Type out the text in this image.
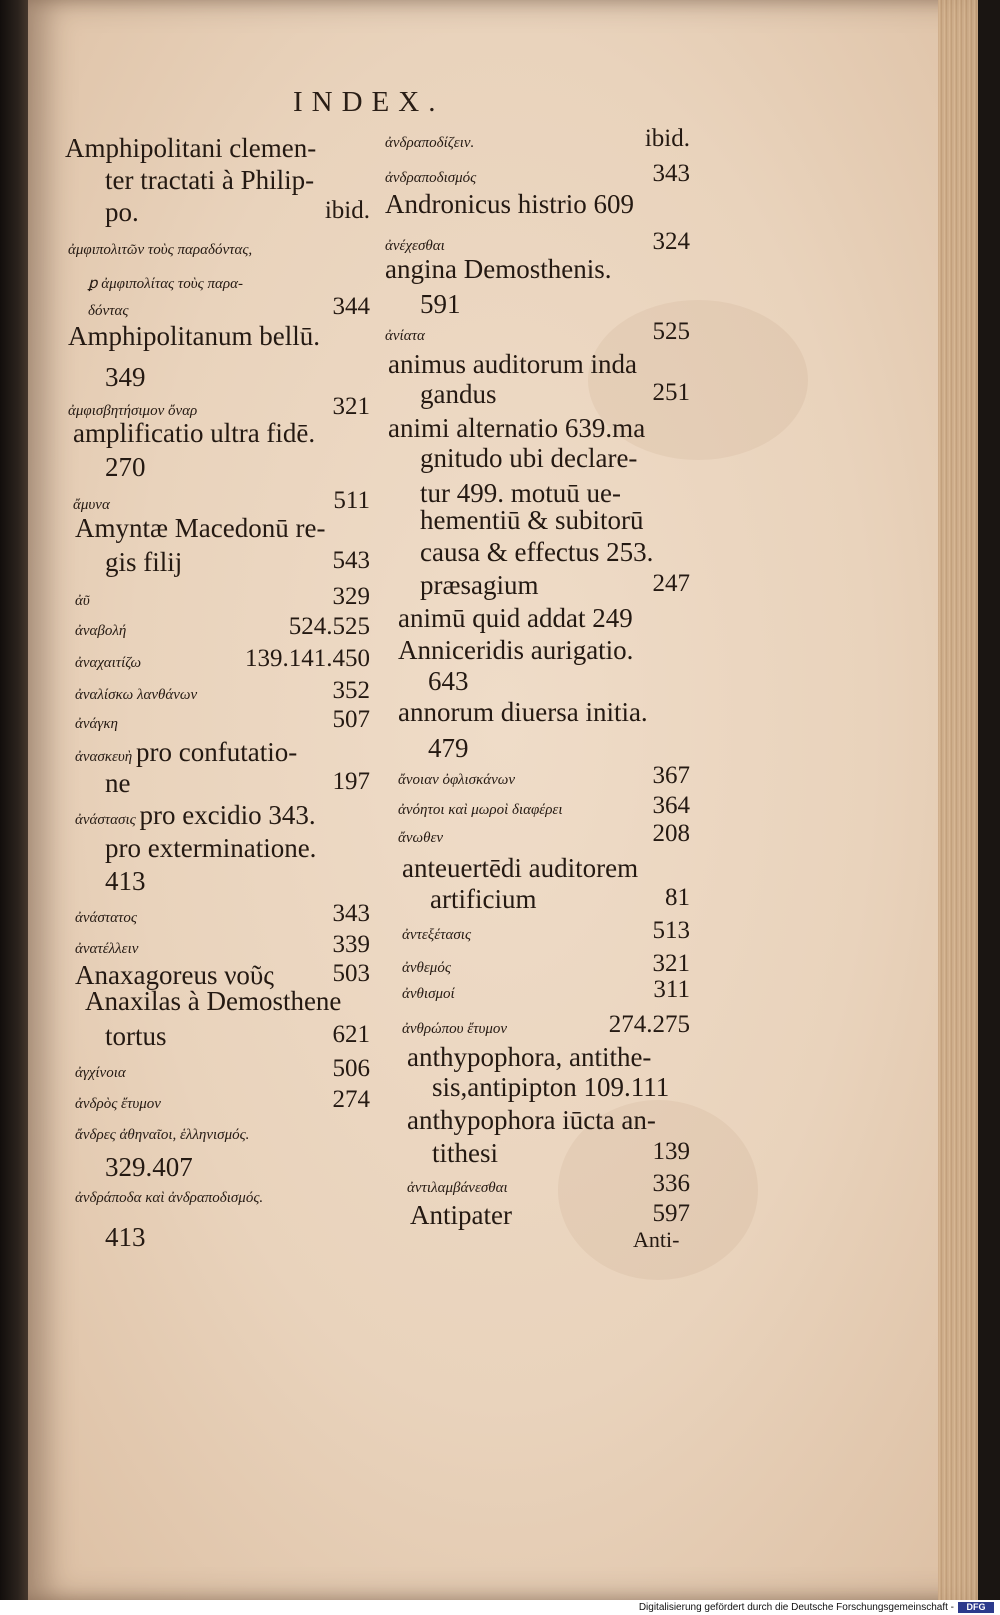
INDEX.
Amphipolitani clemen-
ter tractati à Philip-
po.	ibid.
ἀμφιπολιτῶν τοὺς παραδόντας,
ꝑ ἀμφιπολίτας τοὺς παρα-
δόντας	344
Amphipolitanum bellū.
349
ἀμφισβητήσιμον ὄναρ	321
amplificatio ultra fidē.
270
ἄμυνα	511
Amyntæ Macedonū re-
gis filij	543
ἀῦ	329
ἀναβολή	524.525
ἀναχαιτίζω	139.141.450
ἀναλίσκω λανθάνων	352
ἀνάγκη	507
ἀνασκευὴ pro confutatio-
ne	197
ἀνάστασις pro excidio 343.
pro exterminatione.
413
ἀνάστατος	343
ἀνατέλλειν	339
Anaxagoreus νοῦς 503
Anaxilas à Demosthene
tortus	621
ἀγχίνοια	506
ἀνδρὸς ἔτυμον	274
ἄνδρες ἀθηναῖοι, ἑλληνισμός.
329.407
ἀνδράποδα καὶ ἀνδραποδισμός.
413
ἀνδραποδίζειν.	ibid.
ἀνδραποδισμός	343
Andronicus histrio 609
ἀνέχεσθαι	324
angina Demosthenis.
591
ἀνίατα	525
animus auditorum inda
gandus	251
animi alternatio 639.ma
gnitudo ubi declare-
tur 499. motuū ue-
hementiū & subitorū
causa & effectus 253.
præsagium	247
animū quid addat 249
Anniceridis aurigatio.
643
annorum diuersa initia.
479
ἄνοιαν ὀφλισκάνων	367
ἀνόητοι καὶ μωροὶ διαφέρει	364
ἄνωθεν	208
anteuertēdi auditorem
artificium	81
ἀντεξέτασις	513
ἀνθεμός	321
ἀνθισμοί	311
ἀνθρώπου ἔτυμον	274.275
anthypophora, antithe-
sis,antipipton 109.111
anthypophora iūcta an-
tithesi	139
ἀντιλαμβάνεσθαι	336
Antipater	597
Anti-
Digitalisierung gefördert durch die Deutsche Forschungsgemeinschaft -	DFG
